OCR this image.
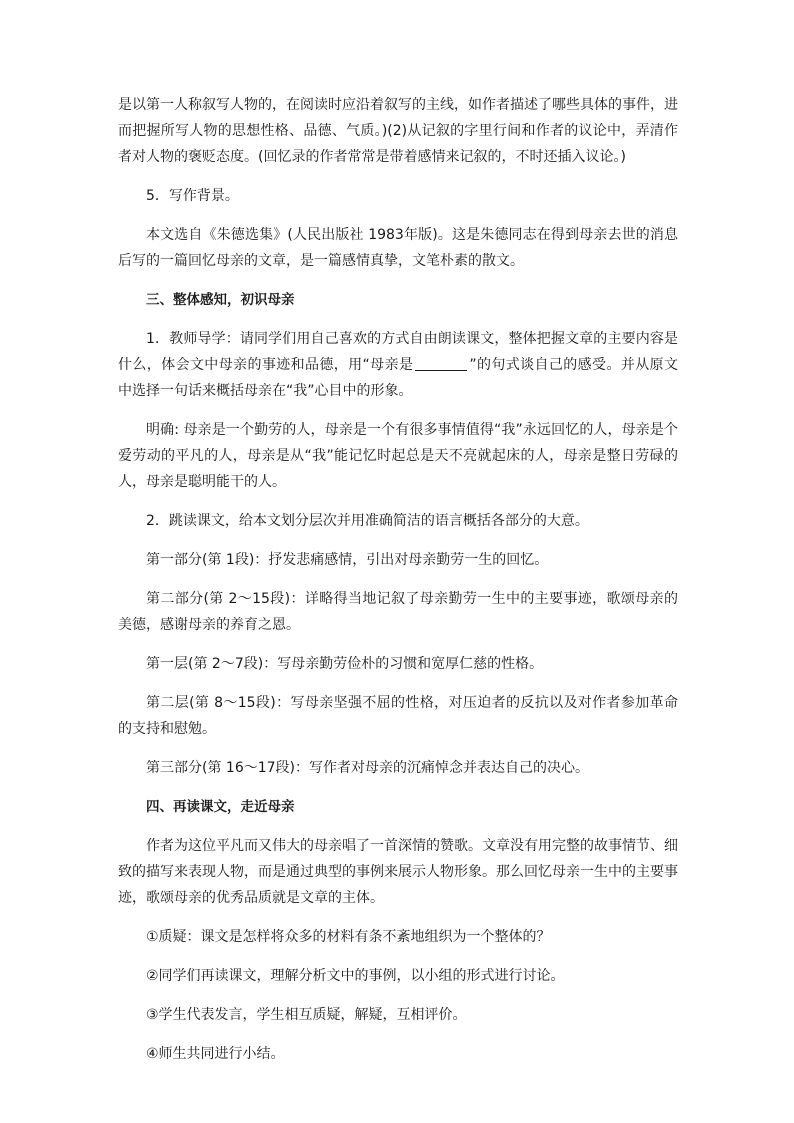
是以第一人称叙写人物的，在阅读时应沿着叙写的主线，如作者描述了哪些具体的事件，进而把握所写人物的思想性格、品德、气质。)(2)从记叙的字里行间和作者的议论中，弄清作者对人物的褒贬态度。(回忆录的作者常常是带着感情来记叙的，不时还插入议论。)

5．写作背景。

本文选自《朱德选集》(人民出版社 1983年版)。这是朱德同志在得到母亲去世的消息后写的一篇回忆母亲的文章，是一篇感情真挚，文笔朴素的散文。

三、整体感知，初识母亲

1．教师导学：请同学们用自己喜欢的方式自由朗读课文，整体把握文章的主要内容是什么，体会文中母亲的事迹和品德，用“母亲是	”的句式谈自己的感受。并从原文中选择一句话来概括母亲在“我”心目中的形象。

明确: 母亲是一个勤劳的人，母亲是一个有很多事情值得“我”永远回忆的人，母亲是个爱劳动的平凡的人，母亲是从“我”能记忆时起总是天不亮就起床的人，母亲是整日劳碌的人，母亲是聪明能干的人。

2．跳读课文，给本文划分层次并用准确简洁的语言概括各部分的大意。

第一部分(第 1段)：抒发悲痛感情，引出对母亲勤劳一生的回忆。

第二部分(第 2～15段)：详略得当地记叙了母亲勤劳一生中的主要事迹，歌颂母亲的美德，感谢母亲的养育之恩。

第一层(第 2～7段)：写母亲勤劳俭朴的习惯和宽厚仁慈的性格。

第二层(第 8～15段)：写母亲坚强不屈的性格，对压迫者的反抗以及对作者参加革命的支持和慰勉。

第三部分(第 16～17段)：写作者对母亲的沉痛悼念并表达自己的决心。

四、再读课文，走近母亲

作者为这位平凡而又伟大的母亲唱了一首深情的赞歌。文章没有用完整的故事情节、细致的描写来表现人物，而是通过典型的事例来展示人物形象。那么回忆母亲一生中的主要事迹，歌颂母亲的优秀品质就是文章的主体。

①质疑：课文是怎样将众多的材料有条不紊地组织为一个整体的？

②同学们再读课文，理解分析文中的事例，以小组的形式进行讨论。

③学生代表发言，学生相互质疑，解疑，互相评价。

④师生共同进行小结。
